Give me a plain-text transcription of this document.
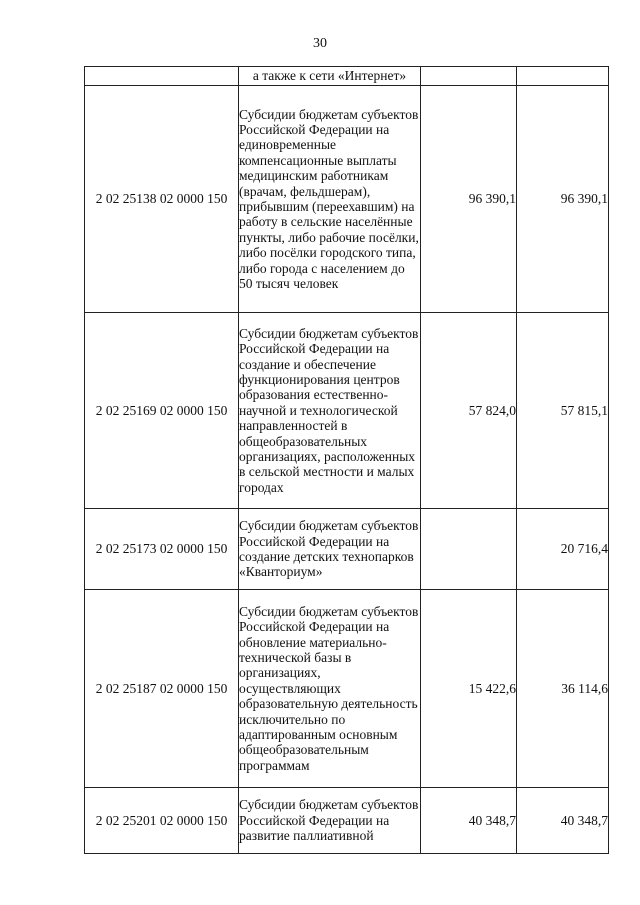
30
	а также к сети «Интернет»		
2 02 25138 02 0000 150	Субсидии бюджетам субъектов Российской Федерации на единовременные компенсационные выплаты медицинским работникам (врачам, фельдшерам), прибывшим (переехавшим) на работу в сельские населённые пункты, либо рабочие посёлки, либо посёлки городского типа, либо города с населением до 50 тысяч человек	96 390,1	96 390,1
2 02 25169 02 0000 150	Субсидии бюджетам субъектов Российской Федерации на создание и обеспечение функционирования центров образования естественно-научной и технологической направленностей в общеобразовательных организациях, расположенных в сельской местности и малых городах	57 824,0	57 815,1
2 02 25173 02 0000 150	Субсидии бюджетам субъектов Российской Федерации на создание детских технопарков «Кванториум»		20 716,4
2 02 25187 02 0000 150	Субсидии бюджетам субъектов Российской Федерации на обновление материально-технической базы в организациях, осуществляющих образовательную деятельность исключительно по адаптированным основным общеобразовательным программам	15 422,6	36 114,6
2 02 25201 02 0000 150	Субсидии бюджетам субъектов Российской Федерации на развитие паллиативной	40 348,7	40 348,7
